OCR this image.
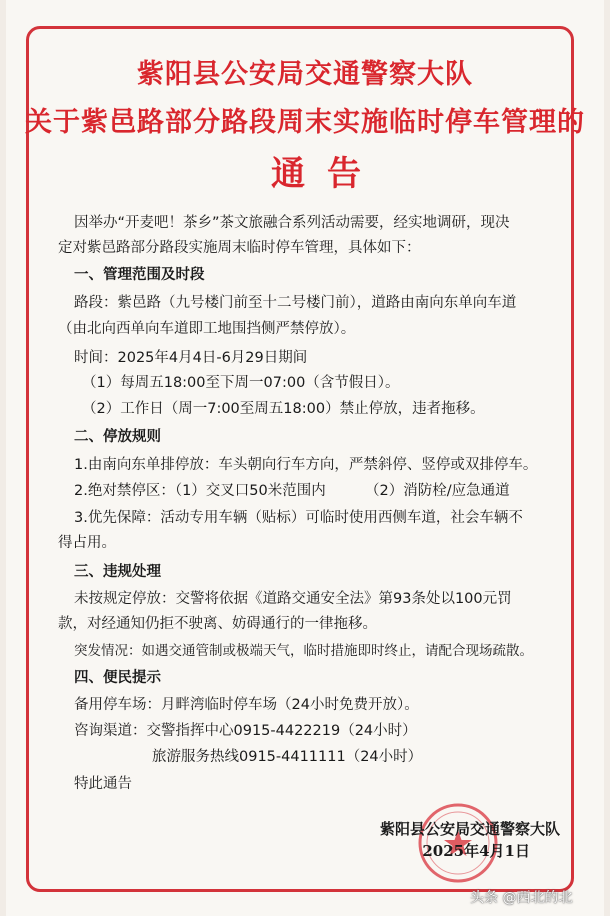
紫阳县公安局交通警察大队
关于紫邑路部分路段周末实施临时停车管理的
通告
因举办“开麦吧！茶乡”茶文旅融合系列活动需要，经实地调研，现决
定对紫邑路部分路段实施周末临时停车管理，具体如下：
一、管理范围及时段
路段：紫邑路（九号楼门前至十二号楼门前），道路由南向东单向车道
（由北向西单向车道即工地围挡侧严禁停放）。
时间：2025年4月4日-6月29日期间
（1）每周五18:00至下周一07:00（含节假日）。
（2）工作日（周一7:00至周五18:00）禁止停放，违者拖移。
二、停放规则
1.由南向东单排停放：车头朝向行车方向，严禁斜停、竖停或双排停车。
2.绝对禁停区：（1）交叉口50米范围内	（2）消防栓/应急通道
3.优先保障：活动专用车辆（贴标）可临时使用西侧车道，社会车辆不
得占用。
三、违规处理
未按规定停放：交警将依据《道路交通安全法》第93条处以100元罚
款，对经通知仍拒不驶离、妨碍通行的一律拖移。
突发情况：如遇交通管制或极端天气，临时措施即时终止，请配合现场疏散。
四、便民提示
备用停车场：月畔湾临时停车场（24小时免费开放）。
咨询渠道：交警指挥中心0915-4422219（24小时）
旅游服务热线0915-4411111（24小时）
特此通告
紫阳县公安局交通警察大队
2025年4月1日
头条 @西北的北
